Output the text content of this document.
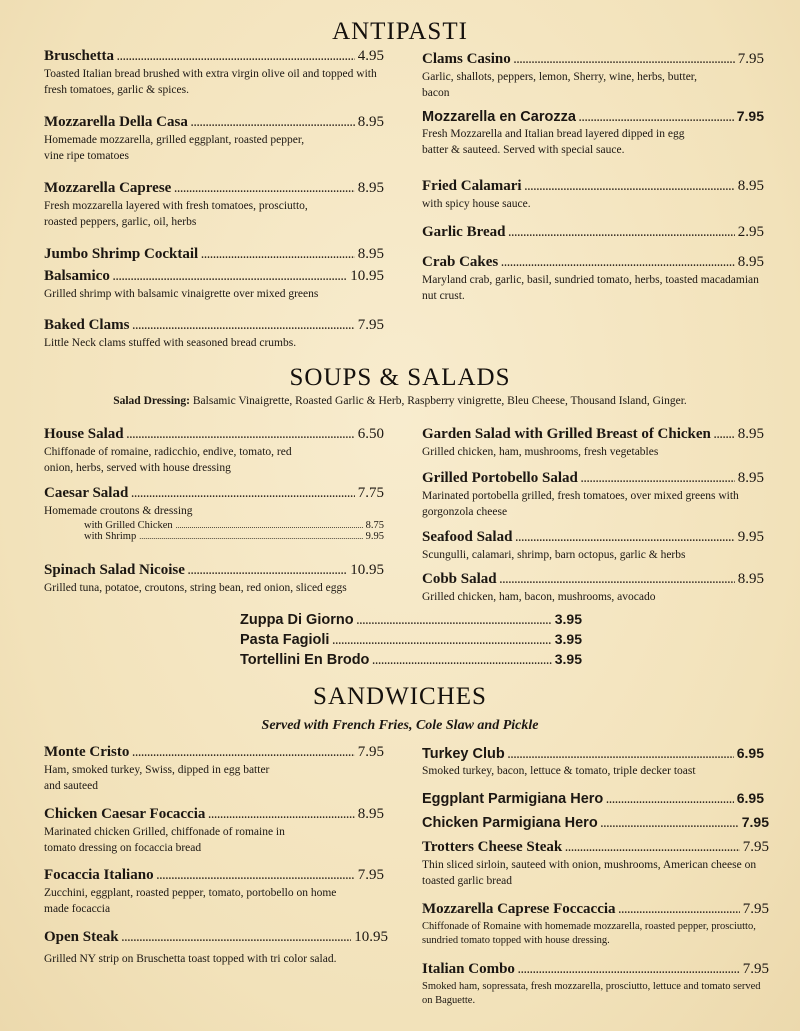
ANTIPASTI
Bruschetta .....	4.95
Toasted Italian bread brushed with extra virgin olive oil and topped with fresh tomatoes, garlic & spices.
Mozzarella Della Casa .....	8.95
Homemade mozzarella, grilled eggplant, roasted pepper, vine ripe tomatoes
Mozzarella Caprese .....	8.95
Fresh mozzarella layered with fresh tomatoes, prosciutto, roasted peppers, garlic, oil, herbs
Jumbo Shrimp Cocktail .....	8.95
Balsamico .....	10.95
Grilled shrimp with balsamic vinaigrette over mixed greens
Baked Clams .....	7.95
Little Neck clams stuffed with seasoned bread crumbs.
Clams Casino .....	7.95
Garlic, shallots, peppers, lemon, Sherry, wine, herbs, butter, bacon
Mozzarella en Carozza .....	7.95
Fresh Mozzarella and Italian bread layered dipped in egg batter & sauteed. Served with special sauce.
Fried Calamari .....	8.95
with spicy house sauce.
Garlic Bread .....	2.95
Crab Cakes .....	8.95
Maryland crab, garlic, basil, sundried tomato, herbs, toasted macadamian nut crust.
SOUPS & SALADS
Salad Dressing: Balsamic Vinaigrette, Roasted Garlic & Herb, Raspberry vinigrette, Bleu Cheese, Thousand Island, Ginger.
House Salad .....	6.50
Chiffonade of romaine, radicchio, endive, tomato, red onion, herbs, served with house dressing
Caesar Salad .....	7.75
Homemade croutons & dressing
with Grilled Chicken .....	8.75
with Shrimp .....	9.95
Spinach Salad Nicoise .....	10.95
Grilled tuna, potatoe, croutons, string bean, red onion, sliced eggs
Garden Salad with Grilled Breast of Chicken ..... 8.95
Grilled chicken, ham, mushrooms, fresh vegetables
Grilled Portobello Salad .....	8.95
Marinated portobella grilled, fresh tomatoes, over mixed greens with gorgonzola cheese
Seafood Salad .....	9.95
Scungulli, calamari, shrimp, barn octopus, garlic & herbs
Cobb Salad .....	8.95
Grilled chicken, ham, bacon, mushrooms, avocado
Zuppa Di Giorno .....	3.95
Pasta Fagioli .....	3.95
Tortellini En Brodo .....	3.95
SANDWICHES
Served with French Fries, Cole Slaw and Pickle
Monte Cristo .....	7.95
Ham, smoked turkey, Swiss, dipped in egg batter and sauteed
Chicken Caesar Focaccia .....	8.95
Marinated chicken Grilled, chiffonade of romaine in tomato dressing on focaccia bread
Focaccia Italiano .....	7.95
Zucchini, eggplant, roasted pepper, tomato, portobello on home made focaccia
Open Steak .....	10.95
Grilled NY strip on Bruschetta toast topped with tri color salad.
Turkey Club .....	6.95
Smoked turkey, bacon, lettuce & tomato, triple decker toast
Eggplant Parmigiana Hero .....	6.95
Chicken Parmigiana Hero .....	7.95
Trotters Cheese Steak .....	7.95
Thin sliced sirloin, sauteed with onion, mushrooms, American cheese on toasted garlic bread
Mozzarella Caprese Foccaccia .....	7.95
Chiffonade of Romaine with homemade mozzarella, roasted pepper, prosciutto, sundried tomato topped with house dressing.
Italian Combo .....	7.95
Smoked ham, sopressata, fresh mozzarella, prosciutto, lettuce and tomato served on Baguette.
